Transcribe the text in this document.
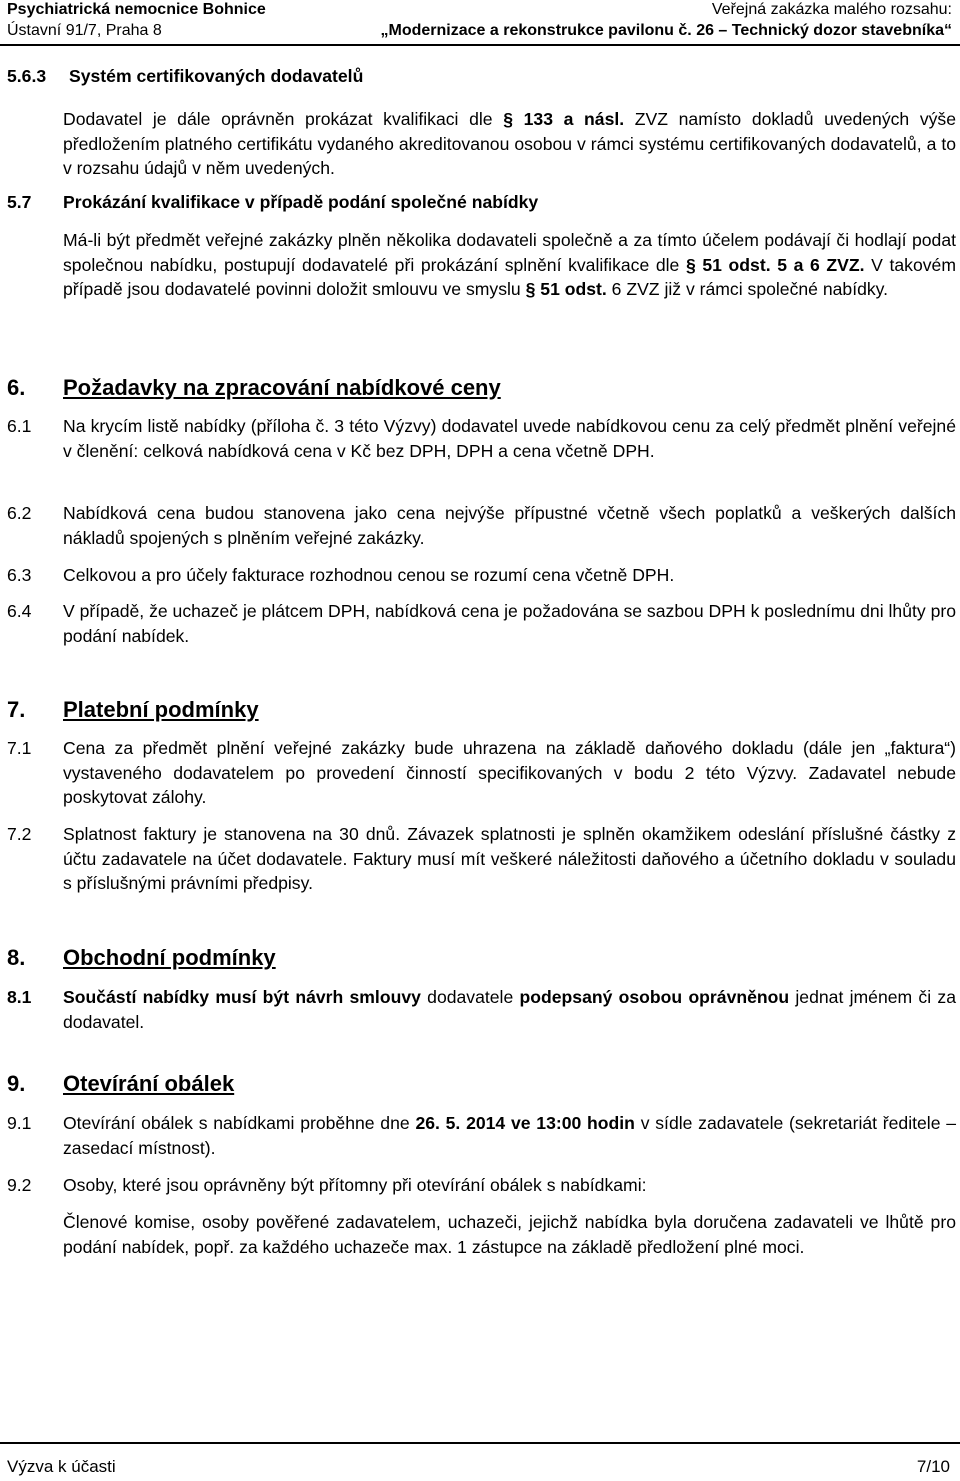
Psychiatrická nemocnice Bohnice
Ústavní 91/7, Praha 8
Veřejná zakázka malého rozsahu:
„Modernizace a rekonstrukce pavilonu č. 26 – Technický dozor stavebníka“
5.6.3 Systém certifikovaných dodavatelů
Dodavatel je dále oprávněn prokázat kvalifikaci dle § 133 a násl. ZVZ namísto dokladů uvedených výše předložením platného certifikátu vydaného akreditovanou osobou v rámci systému certifikovaných dodavatelů, a to v rozsahu údajů v něm uvedených.
5.7 Prokázání kvalifikace v případě podání společné nabídky
Má-li být předmět veřejné zakázky plněn několika dodavateli společně a za tímto účelem podávají či hodlají podat společnou nabídku, postupují dodavatelé při prokázání splnění kvalifikace dle § 51 odst. 5 a 6 ZVZ. V takovém případě jsou dodavatelé povinni doložit smlouvu ve smyslu § 51 odst. 6 ZVZ již v rámci společné nabídky.
6. Požadavky na zpracování nabídkové ceny
6.1 Na krycím listě nabídky (příloha č. 3 této Výzvy) dodavatel uvede nabídkovou cenu za celý předmět plnění veřejné v členění: celková nabídková cena v Kč bez DPH, DPH a cena včetně DPH.
6.2 Nabídková cena budou stanovena jako cena nejvýše přípustné včetně všech poplatků a veškerých dalších nákladů spojených s plněním veřejné zakázky.
6.3 Celkovou a pro účely fakturace rozhodnou cenou se rozumí cena včetně DPH.
6.4 V případě, že uchazeč je plátcem DPH, nabídková cena je požadována se sazbou DPH k poslednímu dni lhůty pro podání nabídek.
7. Platební podmínky
7.1 Cena za předmět plnění veřejné zakázky bude uhrazena na základě daňového dokladu (dále jen „faktura“) vystaveného dodavatelem po provedení činností specifikovaných v bodu 2 této Výzvy. Zadavatel nebude poskytovat zálohy.
7.2 Splatnost faktury je stanovena na 30 dnů. Závazek splatnosti je splněn okamžikem odeslání příslušné částky z účtu zadavatele na účet dodavatele. Faktury musí mít veškeré náležitosti daňového a účetního dokladu v souladu s příslušnými právními předpisy.
8. Obchodní podmínky
8.1 Součástí nabídky musí být návrh smlouvy dodavatele podepsaný osobou oprávněnou jednat jménem či za dodavatel.
9. Otevírání obálek
9.1 Otevírání obálek s nabídkami proběhne dne 26. 5. 2014 ve 13:00 hodin v sídle zadavatele (sekretariát ředitele – zasedací místnost).
9.2 Osoby, které jsou oprávněny být přítomny při otevírání obálek s nabídkami:
Členové komise, osoby pověřené zadavatelem, uchazeči, jejichž nabídka byla doručena zadavateli ve lhůtě pro podání nabídek, popř. za každého uchazeče max. 1 zástupce na základě předložení plné moci.
Výzva k účasti	7/10
